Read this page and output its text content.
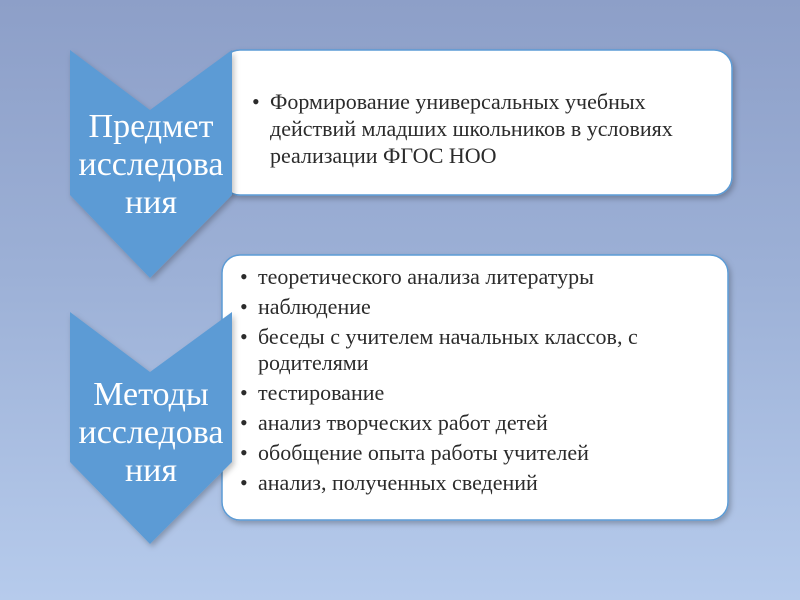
Предмет
исследова
ния
Методы
исследова
ния
• Формирование универсальных учебных действий младших школьников в условиях реализации ФГОС НОО
• теоретического анализа литературы
• наблюдение
• беседы с учителем начальных классов, с родителями
• тестирование
• анализ творческих работ детей
• обобщение опыта работы учителей
• анализ, полученных сведений
